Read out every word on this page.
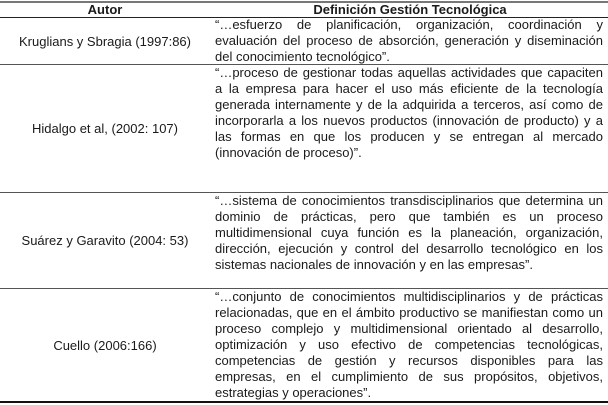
Autor	Definición Gestión Tecnológica
Kruglians y Sbragia (1997:86)
“…esfuerzo de planificación, organización, coordinación y evaluación del proceso de absorción, generación y diseminación del conocimiento tecnológico”.
Hidalgo et al, (2002: 107)
“…proceso de gestionar todas aquellas actividades que capaciten a la empresa para hacer el uso más eficiente de la tecnología generada internamente y de la adquirida a terceros, así como de incorporarla a los nuevos productos (innovación de producto) y a las formas en que los producen y se entregan al mercado (innovación de proceso)”.
Suárez y Garavito (2004: 53)
“…sistema de conocimientos transdisciplinarios que determina un dominio de prácticas, pero que también es un proceso multidimensional cuya función es la planeación, organización, dirección, ejecución y control del desarrollo tecnológico en los sistemas nacionales de innovación y en las empresas”.
Cuello (2006:166)
“…conjunto de conocimientos multidisciplinarios y de prácticas relacionadas, que en el ámbito productivo se manifiestan como un proceso complejo y multidimensional orientado al desarrollo, optimización y uso efectivo de competencias tecnológicas, competencias de gestión y recursos disponibles para las empresas, en el cumplimiento de sus propósitos, objetivos, estrategias y operaciones”.
